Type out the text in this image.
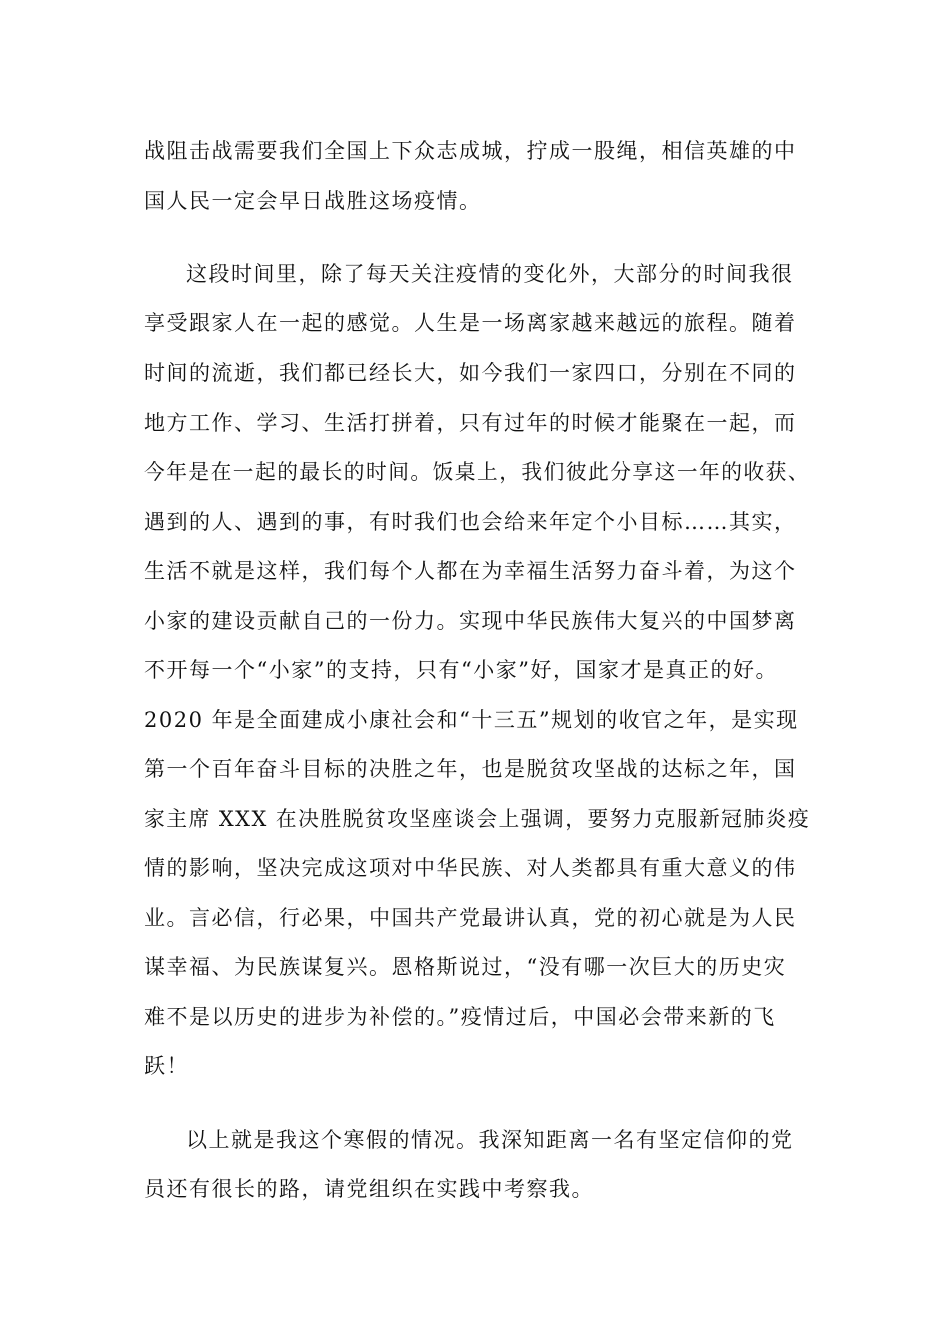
战阻击战需要我们全国上下众志成城，拧成一股绳，相信英雄的中
国人民一定会早日战胜这场疫情。
这段时间里，除了每天关注疫情的变化外，大部分的时间我很
享受跟家人在一起的感觉。人生是一场离家越来越远的旅程。随着
时间的流逝，我们都已经长大，如今我们一家四口，分别在不同的
地方工作、学习、生活打拼着，只有过年的时候才能聚在一起，而
今年是在一起的最长的时间。饭桌上，我们彼此分享这一年的收获、
遇到的人、遇到的事，有时我们也会给来年定个小目标……其实，
生活不就是这样，我们每个人都在为幸福生活努力奋斗着，为这个
小家的建设贡献自己的一份力。实现中华民族伟大复兴的中国梦离
不开每一个“小家”的支持，只有“小家”好，国家才是真正的好。
2020 年是全面建成小康社会和“十三五”规划的收官之年，是实现
第一个百年奋斗目标的决胜之年，也是脱贫攻坚战的达标之年，国
家主席 XXX 在决胜脱贫攻坚座谈会上强调，要努力克服新冠肺炎疫
情的影响，坚决完成这项对中华民族、对人类都具有重大意义的伟
业。言必信，行必果，中国共产党最讲认真，党的初心就是为人民
谋幸福、为民族谋复兴。恩格斯说过，“没有哪一次巨大的历史灾
难不是以历史的进步为补偿的。”疫情过后，中国必会带来新的飞
跃！
以上就是我这个寒假的情况。我深知距离一名有坚定信仰的党
员还有很长的路，请党组织在实践中考察我。
